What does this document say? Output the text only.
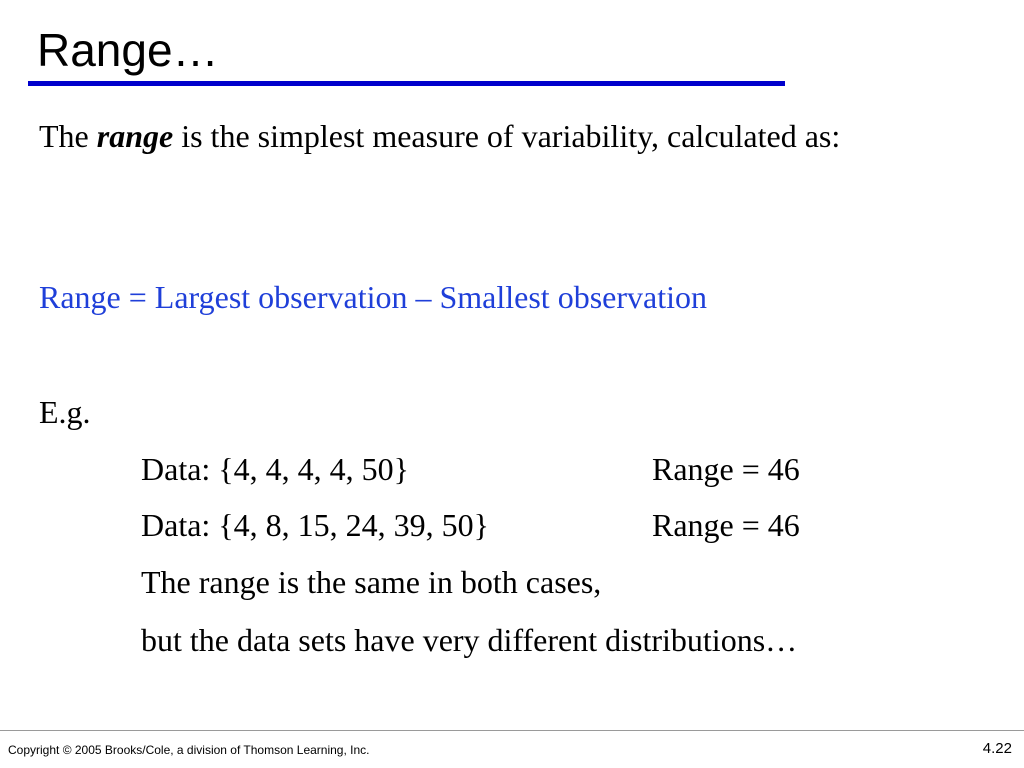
Range…

The range is the simplest measure of variability, calculated as:

Range = Largest observation – Smallest observation
E.g.
Data: {4, 4, 4, 4, 50}	Range = 46
Data: {4, 8, 15, 24, 39, 50}	Range = 46
The range is the same in both cases,
but the data sets have very different distributions…
Copyright © 2005 Brooks/Cole, a division of Thomson Learning, Inc.	4.22
